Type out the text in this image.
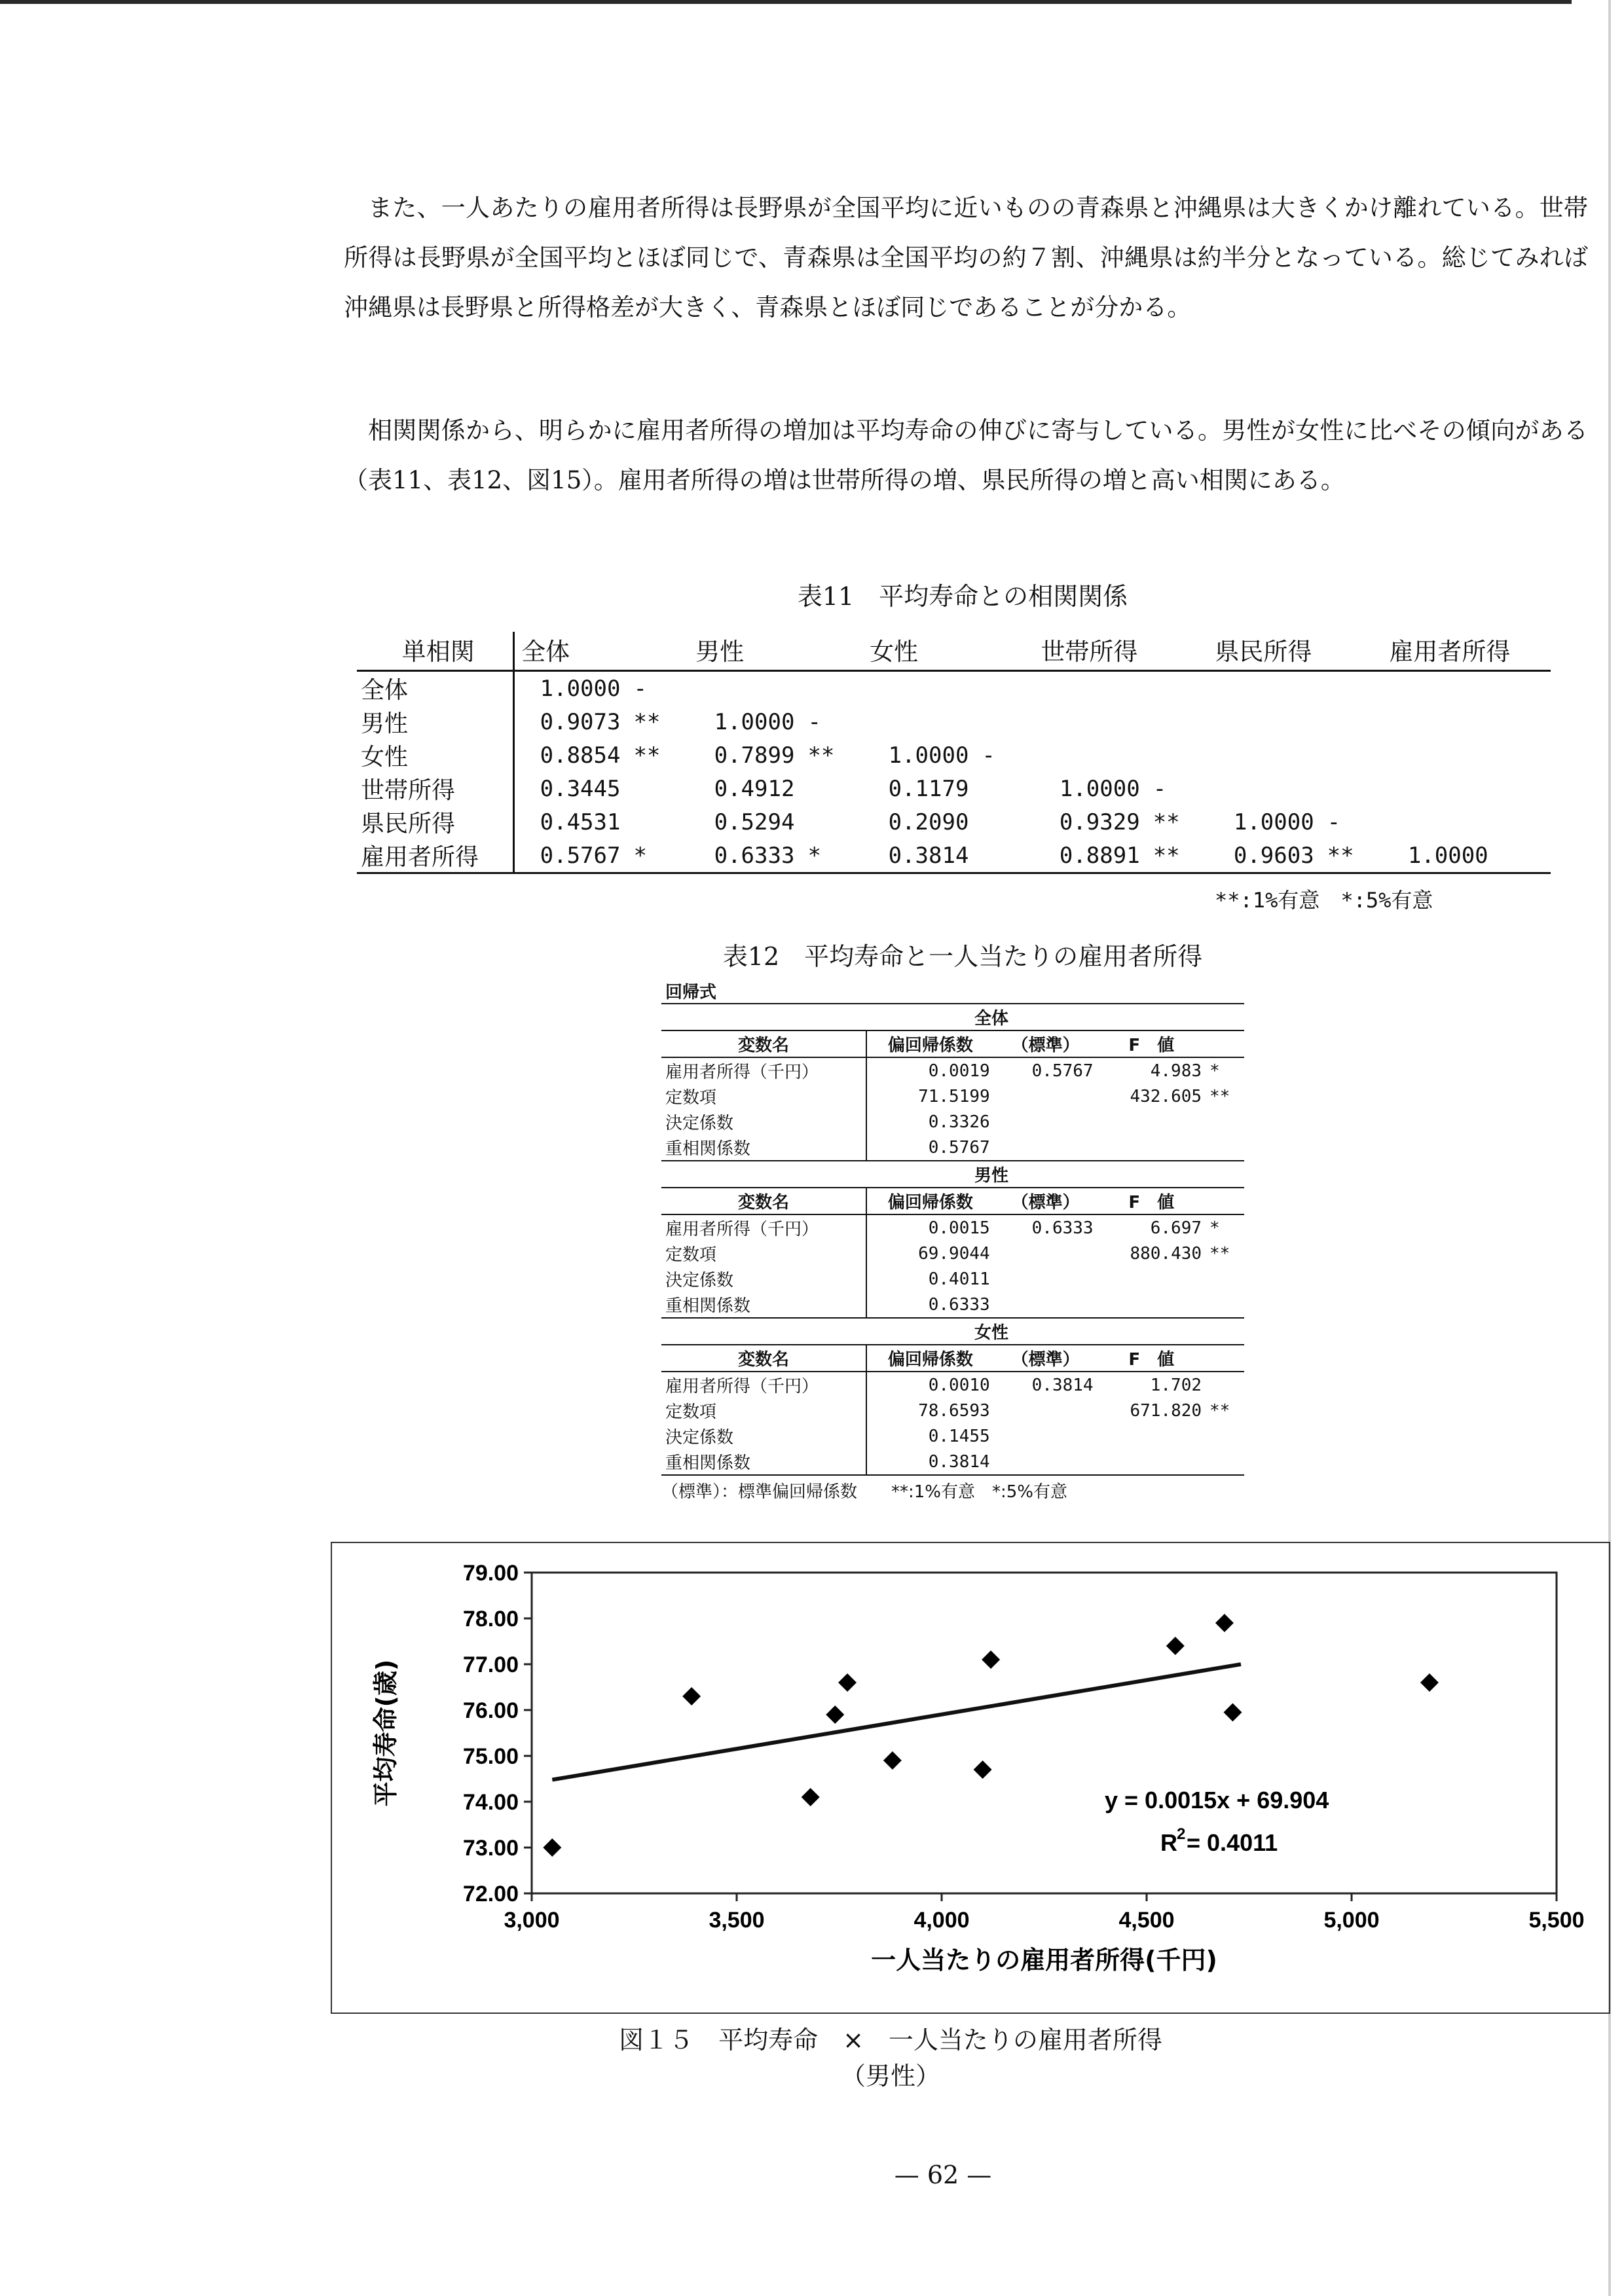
また、一人あたりの雇用者所得は長野県が全国平均に近いものの青森県と沖縄県は大きくかけ離れている。世帯所得は長野県が全国平均とほぼ同じで、青森県は全国平均の約７割、沖縄県は約半分となっている。総じてみれば沖縄県は長野県と所得格差が大きく、青森県とほぼ同じであることが分かる。

相関関係から、明らかに雇用者所得の増加は平均寿命の伸びに寄与している。男性が女性に比べその傾向がある（表11、表12、図15）。雇用者所得の増は世帯所得の増、県民所得の増と高い相関にある。

表11　平均寿命との相関関係
単相関	全体		男性		女性		世帯所得		県民所得		雇用者所得	
全体	1.0000	-										
男性	0.9073	**	1.0000	-								
女性	0.8854	**	0.7899	**	1.0000	-						
世帯所得	0.3445		0.4912		0.1179		1.0000	-				
県民所得	0.4531		0.5294		0.2090		0.9329	**	1.0000	-		
雇用者所得	0.5767	*	0.6333	*	0.3814		0.8891	**	0.9603	**	1.0000	
**:1%有意　*:5%有意
表12　平均寿命と一人当たりの雇用者所得
回帰式
全体				
変数名	偏回帰係数	（標準）	F　値	
雇用者所得（千円）	0.0019	0.5767	4.983	*
定数項	71.5199		432.605	**
決定係数	0.3326			
重相関係数	0.5767			
男性				
変数名	偏回帰係数	（標準）	F　値	
雇用者所得（千円）	0.0015	0.6333	6.697	*
定数項	69.9044		880.430	**
決定係数	0.4011			
重相関係数	0.6333			
女性				
変数名	偏回帰係数	（標準）	F　値	
雇用者所得（千円）	0.0010	0.3814	1.702	
定数項	78.6593		671.820	**
決定係数	0.1455			
重相関係数	0.3814			
（標準）：標準偏回帰係数　　**:1%有意　*:5%有意
72.00
73.00
74.00
75.00
76.00
77.00
78.00
79.00
3,000	3,500	4,000	4,500	5,000	5,500
一人当たりの雇用者所得(千円)
平均寿命(歳)	y = 0.0015x + 69.904
R 2 = 0.4011
図１５　平均寿命　×　一人当たりの雇用者所得
（男性）
— 62 —
